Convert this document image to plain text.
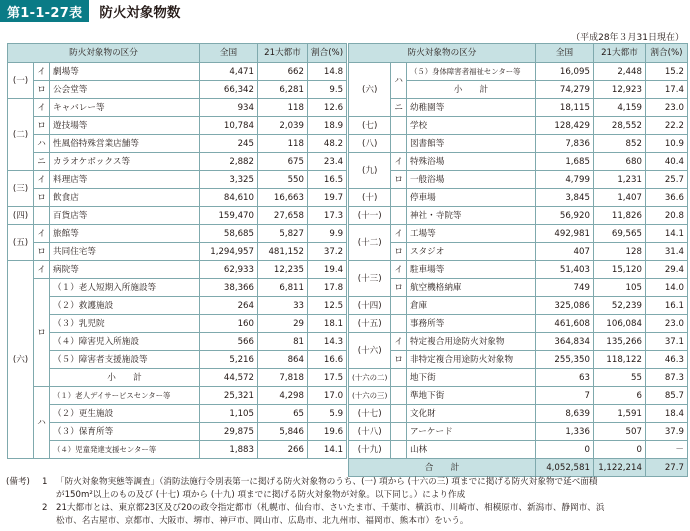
第1-1-27表	防火対象物数
（平成28年３月31日現在）
防火対象物の区分			全国	21大都市	割合(%)
(一)	イ	劇場等	4,471	662	14.8
	ロ	公会堂等	66,342	6,281	9.5
(二)	イ	キャバレー等	934	118	12.6
	ロ	遊技場等	10,784	2,039	18.9
	ハ	性風俗特殊営業店舗等	245	118	48.2
	ニ	カラオケボックス等	2,882	675	23.4
(三)	イ	料理店等	3,325	550	16.5
	ロ	飲食店	84,610	16,663	19.7
(四)		百貨店等	159,470	27,658	17.3
(五)	イ	旅館等	58,685	5,827	9.9
	ロ	共同住宅等	1,294,957	481,152	37.2
(六)	イ	病院等	62,933	12,235	19.4
	ロ	（１）老人短期入所施設等	38,366	6,811	17.8
		（２）救護施設	264	33	12.5
		（３）乳児院	160	29	18.1
		（４）障害児入所施設	566	81	14.3
		（５）障害者支援施設等	5,216	864	16.6
		小　　計	44,572	7,818	17.5
	ハ	（１）老人デイサービスセンター等	25,321	4,298	17.0
		（２）更生施設	1,105	65	5.9
		（３）保育所等	29,875	5,846	19.6
		（４）児童発達支援センター等	1,883	266	14.1
防火対象物の区分			全国	21大都市	割合(%)
(六)	ハ	（５）身体障害者福祉センター等	16,095	2,448	15.2
		小　　計	74,279	12,923	17.4
	ニ	幼稚園等	18,115	4,159	23.0
(七)		学校	128,429	28,552	22.2
(八)		図書館等	7,836	852	10.9
(九)	イ	特殊浴場	1,685	680	40.4
	ロ	一般浴場	4,799	1,231	25.7
(十)		停車場	3,845	1,407	36.6
(十一)		神社・寺院等	56,920	11,826	20.8
(十二)	イ	工場等	492,981	69,565	14.1
	ロ	スタジオ	407	128	31.4
(十三)	イ	駐車場等	51,403	15,120	29.4
	ロ	航空機格納庫	749	105	14.0
(十四)		倉庫	325,086	52,239	16.1
(十五)		事務所等	461,608	106,084	23.0
(十六)	イ	特定複合用途防火対象物	364,834	135,266	37.1
	ロ	非特定複合用途防火対象物	255,350	118,122	46.3
(十六の二)		地下街	63	55	87.3
(十六の三)		準地下街	7	6	85.7
(十七)		文化財	8,639	1,591	18.4
(十八)		アーケード	1,336	507	37.9
(十九)		山林	0	0	－
合　　計			4,052,581	1,122,214	27.7
(備考)	1 「防火対象物実態等調査」（消防法施行令別表第一に掲げる防火対象物のうち、(一) 項から (十六の三) 項までに掲げる防火対象物で延べ面積
が150m²以上のもの及び (十七) 項から (十九) 項までに掲げる防火対象物が対象。以下同じ。）により作成
2 21大都市とは、東京都23区及び20の政令指定都市（札幌市、仙台市、さいたま市、千葉市、横浜市、川崎市、相模原市、新潟市、静岡市、浜
松市、名古屋市、京都市、大阪市、堺市、神戸市、岡山市、広島市、北九州市、福岡市、熊本市）をいう。
